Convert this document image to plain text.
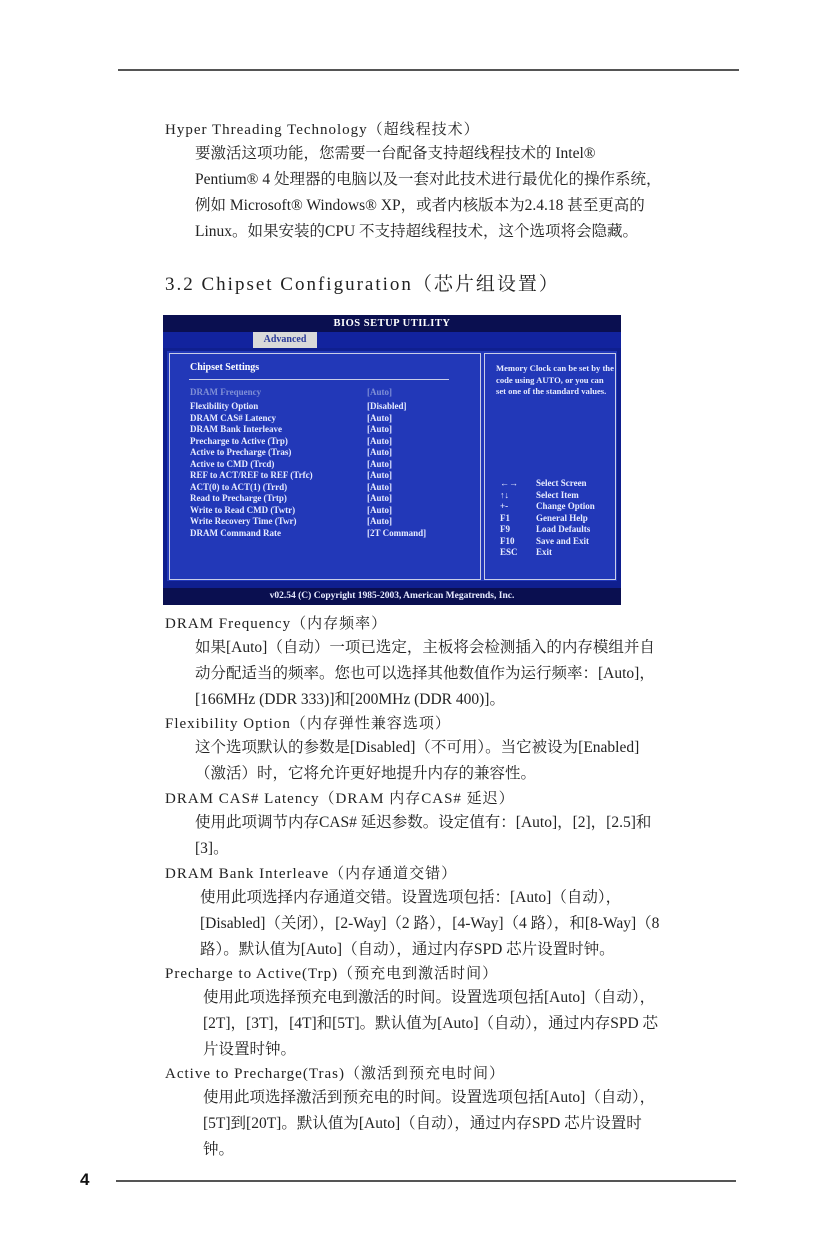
Hyper Threading Technology（超线程技术）
要激活这项功能，您需要一台配备支持超线程技术的 Intel®
Pentium® 4 处理器的电脑以及一套对此技术进行最优化的操作系统，
例如 Microsoft® Windows® XP，或者内核版本为2.4.18 甚至更高的
Linux。如果安装的CPU 不支持超线程技术，这个选项将会隐藏。
3.2 Chipset Configuration（芯片组设置）
BIOS SETUP UTILITY
Advanced
Chipset Settings
DRAM Frequency	[Auto]
Flexibility Option	[Disabled]
DRAM CAS# Latency	[Auto]
DRAM Bank Interleave	[Auto]
Precharge to Active (Trp)	[Auto]
Active to Precharge (Tras)	[Auto]
Active to CMD (Trcd)	[Auto]
REF to ACT/REF to REF (Trfc)	[Auto]
ACT(0) to ACT(1) (Trrd)	[Auto]
Read to Precharge (Trtp)	[Auto]
Write to Read CMD (Twtr)	[Auto]
Write Recovery Time (Twr)	[Auto]
DRAM Command Rate	[2T Command]
Memory Clock can be set by the code using AUTO, or you can set one of the standard values.
←→ Select Screen
↑↓	Select Item
+-	Change Option
F1	General Help
F9	Load Defaults
F10 Save and Exit
ESC Exit
v02.54 (C) Copyright 1985-2003, American Megatrends, Inc.
DRAM Frequency（内存频率）
如果[Auto]（自动）一项已选定，主板将会检测插入的内存模组并自
动分配适当的频率。您也可以选择其他数值作为运行频率：[Auto]，
[166MHz (DDR 333)]和[200MHz (DDR 400)]。
Flexibility Option（内存弹性兼容选项）
这个选项默认的参数是[Disabled]（不可用）。当它被设为[Enabled]
（激活）时，它将允许更好地提升内存的兼容性。
DRAM CAS# Latency（DRAM 内存CAS# 延迟）
使用此项调节内存CAS# 延迟参数。设定值有：[Auto]，[2]，[2.5]和
[3]。
DRAM Bank Interleave（内存通道交错）
使用此项选择内存通道交错。设置选项包括：[Auto]（自动），
[Disabled]（关闭），[2-Way]（2 路），[4-Way]（4 路），和[8-Way]（8
路）。默认值为[Auto]（自动），通过内存SPD 芯片设置时钟。
Precharge to Active(Trp)（预充电到激活时间）
使用此项选择预充电到激活的时间。设置选项包括[Auto]（自动），
[2T]，[3T]，[4T]和[5T]。默认值为[Auto]（自动），通过内存SPD 芯
片设置时钟。
Active to Precharge(Tras)（激活到预充电时间）
使用此项选择激活到预充电的时间。设置选项包括[Auto]（自动），
[5T]到[20T]。默认值为[Auto]（自动），通过内存SPD 芯片设置时
钟。
4
